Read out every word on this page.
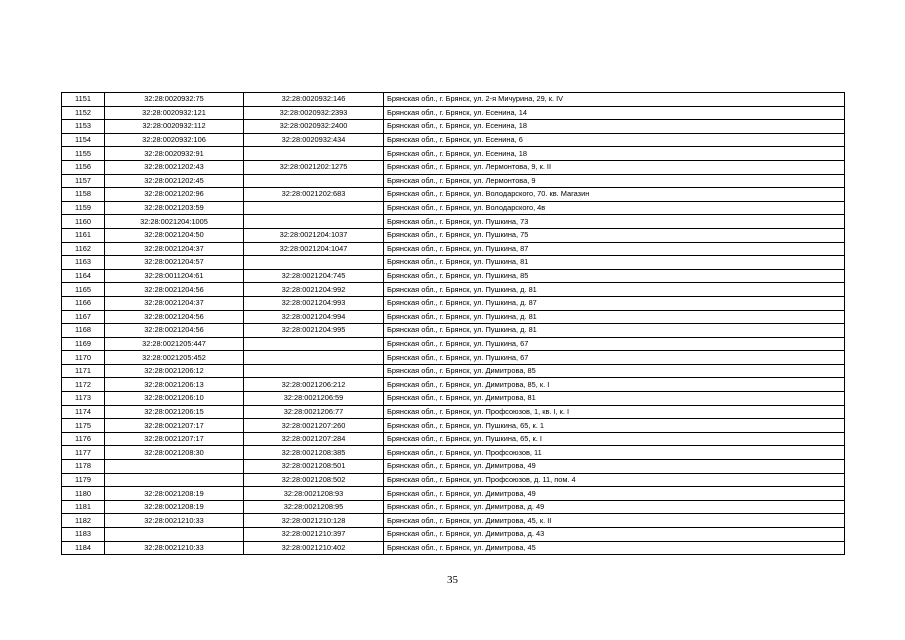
1151	32:28:0020932:75	32:28:0020932:146	Брянская обл., г. Брянск, ул. 2-я Мичурина, 29, к. IV
1152	32:28:0020932:121	32:28:0020932:2393	Брянская обл., г. Брянск, ул. Есенина, 14
1153	32:28:0020932:112	32:28:0020932:2400	Брянская обл., г. Брянск, ул. Есенина, 18
1154	32:28:0020932:106	32:28:0020932:434	Брянская обл., г. Брянск, ул. Есенина, 6
1155	32:28:0020932:91		Брянская обл., г. Брянск, ул. Есенина, 18
1156	32:28:0021202:43	32:28:0021202:1275	Брянская обл., г. Брянск, ул. Лермонтова, 9, к. II
1157	32:28:0021202:45		Брянская обл., г. Брянск, ул. Лермонтова, 9
1158	32:28:0021202:96	32:28:0021202:683	Брянская обл., г. Брянск, ул. Володарского, 70. кв. Магазин
1159	32:28:0021203:59		Брянская обл., г. Брянск, ул. Володарского, 4в
1160	32:28:0021204:1005		Брянская обл., г. Брянск, ул. Пушкина, 73
1161	32:28:0021204:50	32:28:0021204:1037	Брянская обл., г. Брянск, ул. Пушкина, 75
1162	32:28:0021204:37	32:28:0021204:1047	Брянская обл., г. Брянск, ул. Пушкина, 87
1163	32:28:0021204:57		Брянская обл., г. Брянск, ул. Пушкина, 81
1164	32:28:0011204:61	32:28:0021204:745	Брянская обл., г. Брянск, ул. Пушкина, 85
1165	32:28:0021204:56	32:28:0021204:992	Брянская обл., г. Брянск, ул. Пушкина, д. 81
1166	32:28:0021204:37	32:28:0021204:993	Брянская обл., г. Брянск, ул. Пушкина, д. 87
1167	32:28:0021204:56	32:28:0021204:994	Брянская обл., г. Брянск, ул. Пушкина, д. 81
1168	32:28:0021204:56	32:28:0021204:995	Брянская обл., г. Брянск, ул. Пушкина, д. 81
1169	32:28:0021205:447		Брянская обл., г. Брянск, ул. Пушкина, 67
1170	32:28:0021205:452		Брянская обл., г. Брянск, ул. Пушкина, 67
1171	32:28:0021206:12		Брянская обл., г. Брянск, ул. Димитрова, 85
1172	32:28:0021206:13	32:28:0021206:212	Брянская обл., г. Брянск, ул. Димитрова, 85, к. I
1173	32:28:0021206:10	32:28:0021206:59	Брянская обл., г. Брянск, ул. Димитрова, 81
1174	32:28:0021206:15	32:28:0021206:77	Брянская обл., г. Брянск, ул. Профсоюзов, 1, кв. I, к. I
1175	32:28:0021207:17	32:28:0021207:260	Брянская обл., г. Брянск, ул. Пушкина, 65, к. 1
1176	32:28:0021207:17	32:28:0021207:284	Брянская обл., г. Брянск, ул. Пушкина, 65, к. I
1177	32:28:0021208:30	32:28:0021208:385	Брянская обл., г. Брянск, ул. Профсоюзов, 11
1178		32:28:0021208:501	Брянская обл., г. Брянск, ул. Димитрова, 49
1179		32:28:0021208:502	Брянская обл., г. Брянск, ул. Профсоюзов, д. 11, пом. 4
1180	32:28:0021208:19	32:28:0021208:93	Брянская обл., г. Брянск, ул. Димитрова, 49
1181	32:28:0021208:19	32:28:0021208:95	Брянская обл., г. Брянск, ул. Димитрова, д. 49
1182	32:28:0021210:33	32:28:0021210:128	Брянская обл., г. Брянск, ул. Димитрова, 45, к. II
1183		32:28:0021210:397	Брянская обл., г. Брянск, ул. Димитрова, д. 43
1184	32:28:0021210:33	32:28:0021210:402	Брянская обл., г. Брянск, ул. Димитрова, 45
35
